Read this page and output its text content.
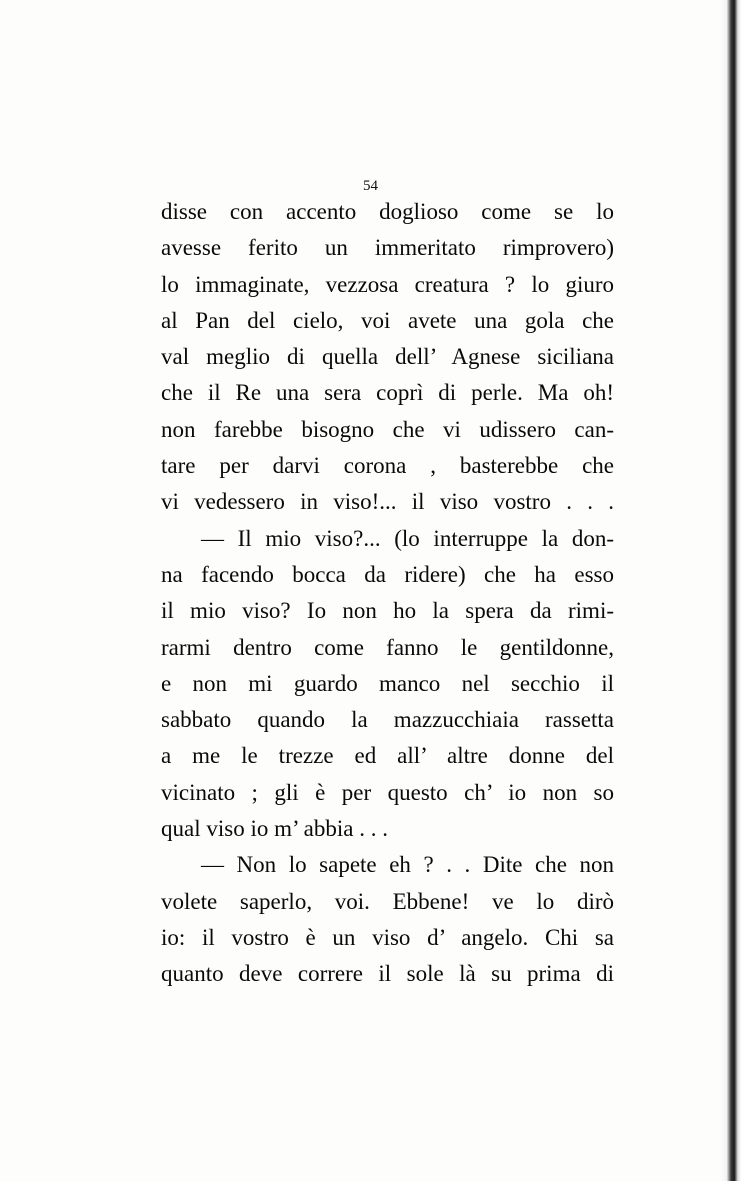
54
disse con accento doglioso come se lo
avesse ferito un immeritato rimprovero)
lo immaginate, vezzosa creatura ? lo giuro
al Pan del cielo, voi avete una gola che
val meglio di quella dell’ Agnese siciliana
che il Re una sera coprì di perle. Ma oh!
non farebbe bisogno che vi udissero can-
tare per darvi corona , basterebbe che
vi vedessero in viso!... il viso vostro . . .
— Il mio viso?... (lo interruppe la don-
na facendo bocca da ridere) che ha esso
il mio viso? Io non ho la spera da rimi-
rarmi dentro come fanno le gentildonne,
e non mi guardo manco nel secchio il
sabbato quando la mazzucchiaia rassetta
a me le trezze ed all’ altre donne del
vicinato ; gli è per questo ch’ io non so
qual viso io m’ abbia . . .
— Non lo sapete eh ? . . Dite che non
volete saperlo, voi. Ebbene! ve lo dirò
io: il vostro è un viso d’ angelo. Chi sa
quanto deve correre il sole là su prima di
